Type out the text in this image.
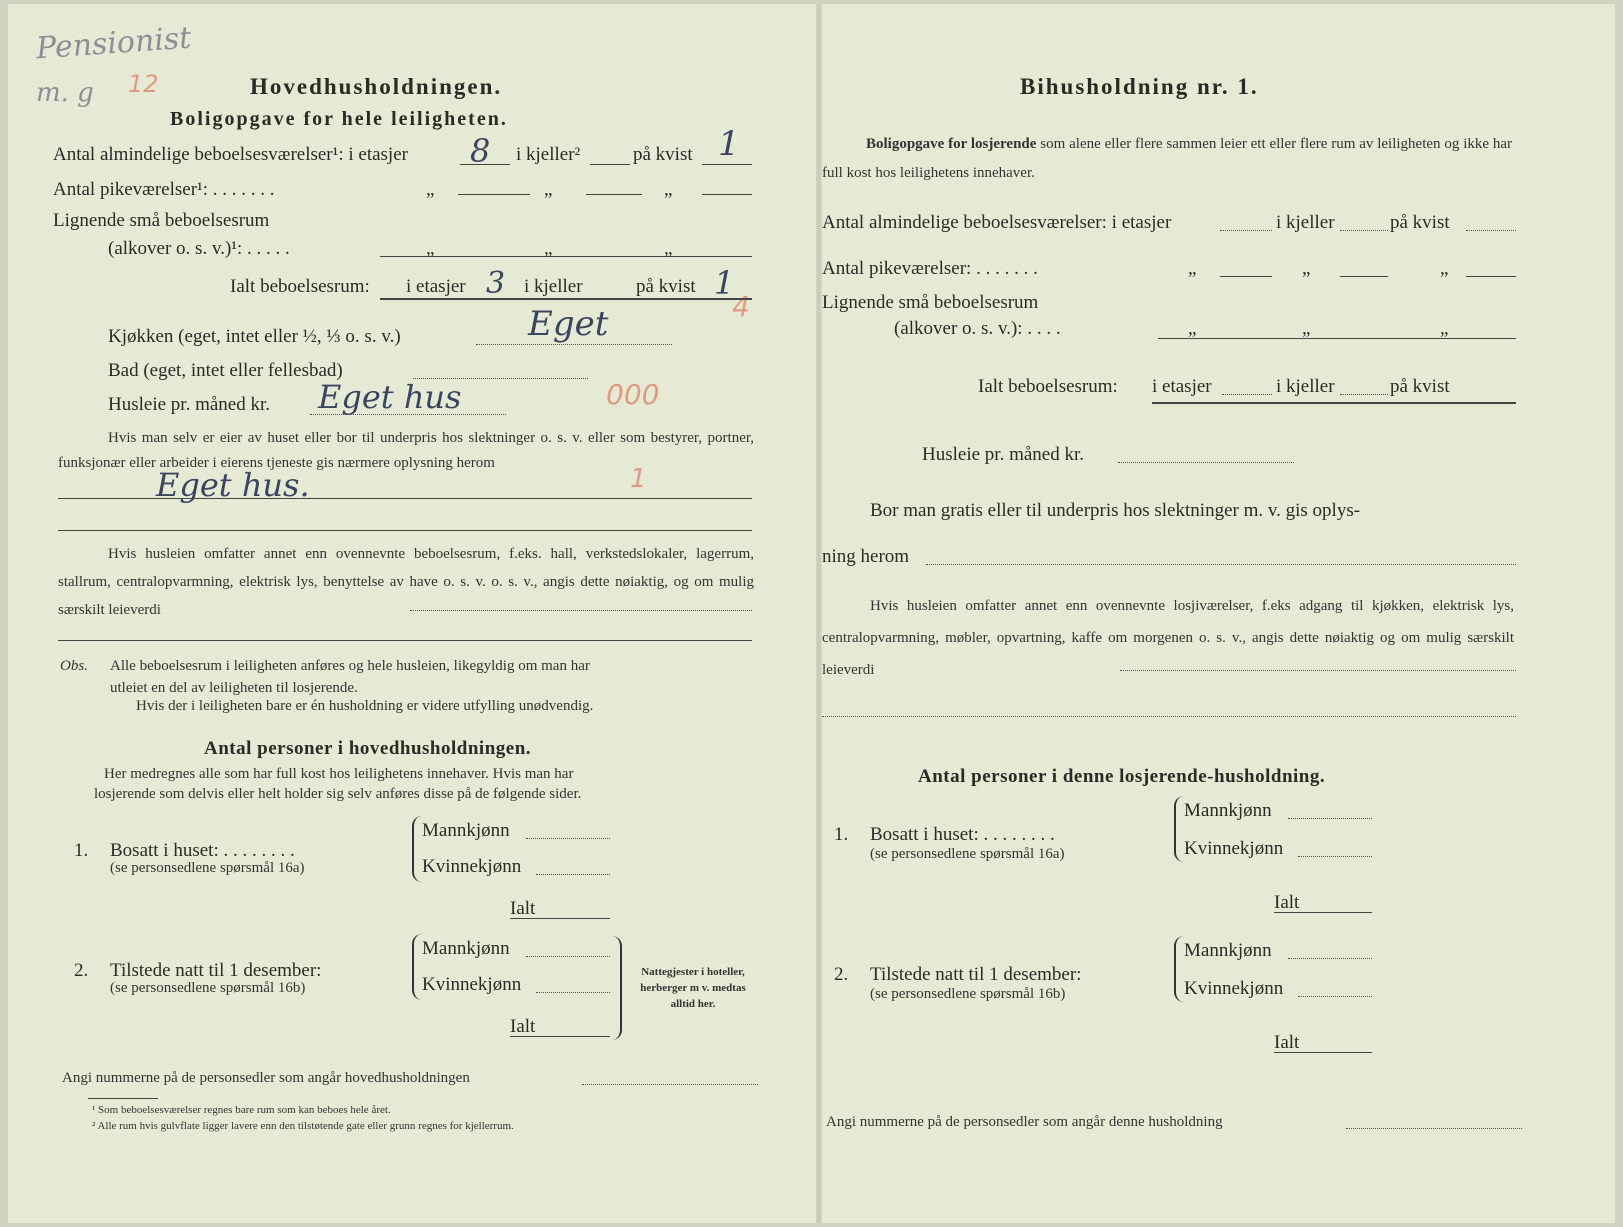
Pensionist
m. g 12	Hovedhusholdningen.
Boligopgave for hele leiligheten.
Antal almindelige beboelsesværelser¹: i etasjer 8 i kjeller²	på kvist 1
Antal pikeværelser¹: . . . . . . .	„	„	„
Lignende små beboelsesrum
(alkover o. s. v.)¹: . . . . .	„	„	„
Ialt beboelsesrum: i etasjer 3 i kjeller	på kvist 1
4
Kjøkken (eget, intet eller ½, ⅓ o. s. v.)	Eget
Bad (eget, intet eller fellesbad)
Husleie pr. måned kr. Eget hus	000
Hvis man selv er eier av huset eller bor til underpris hos slektninger o. s. v. eller som bestyrer, portner, funksjonær eller arbeider i eierens tjeneste gis nærmere oplysning herom
Eget hus.	1
Hvis husleien omfatter annet enn ovennevnte beboelsesrum, f.eks. hall, verkstedslokaler, lagerrum, stallrum, centralopvarmning, elektrisk lys, benyttelse av have o. s. v. o. s. v., angis dette nøiaktig, og om mulig særskilt leieverdi
Obs. Alle beboelsesrum i leiligheten anføres og hele husleien, likegyldig om man har
utleiet en del av leiligheten til losjerende.
Hvis der i leiligheten bare er én husholdning er videre utfylling unødvendig.
Antal personer i hovedhusholdningen.
Her medregnes alle som har full kost hos leilighetens innehaver. Hvis man har
losjerende som delvis eller helt holder sig selv anføres disse på de følgende sider.
1. Bosatt i huset: . . . . . . . .
(se personsedlene spørsmål 16a)
Mannkjønn
Kvinnekjønn
Ialt
2. Tilstede natt til 1 desember:
(se personsedlene spørsmål 16b)
Mannkjønn
Kvinnekjønn
Ialt
Nattegjester i hoteller, herberger m v. medtas alltid her.
Angi nummerne på de personsedler som angår hovedhusholdningen
¹ Som beboelsesværelser regnes bare rum som kan beboes hele året.
² Alle rum hvis gulvflate ligger lavere enn den tilstøtende gate eller grunn regnes for kjellerrum.
Bihusholdning nr. 1.
Boligopgave for losjerende som alene eller flere sammen leier ett eller flere rum av leiligheten og ikke har full kost hos leilighetens innehaver.
Antal almindelige beboelsesværelser: i etasjer	i kjeller	på kvist
Antal pikeværelser: . . . . . . .	„	„	„
Lignende små beboelsesrum
(alkover o. s. v.): . . . .	„	„	„
Ialt beboelsesrum: i etasjer	i kjeller	på kvist
Husleie pr. måned kr.
Bor man gratis eller til underpris hos slektninger m. v. gis oplys-
ning herom
Hvis husleien omfatter annet enn ovennevnte losjiværelser, f.eks adgang til kjøkken, elektrisk lys, centralopvarmning, møbler, opvartning, kaffe om morgenen o. s. v., angis dette nøiaktig og om mulig særskilt leieverdi
Antal personer i denne losjerende-husholdning.
1. Bosatt i huset: . . . . . . . .
(se personsedlene spørsmål 16a)
Mannkjønn
Kvinnekjønn
Ialt
2. Tilstede natt til 1 desember:
(se personsedlene spørsmål 16b)
Mannkjønn
Kvinnekjønn
Ialt
Angi nummerne på de personsedler som angår denne husholdning
